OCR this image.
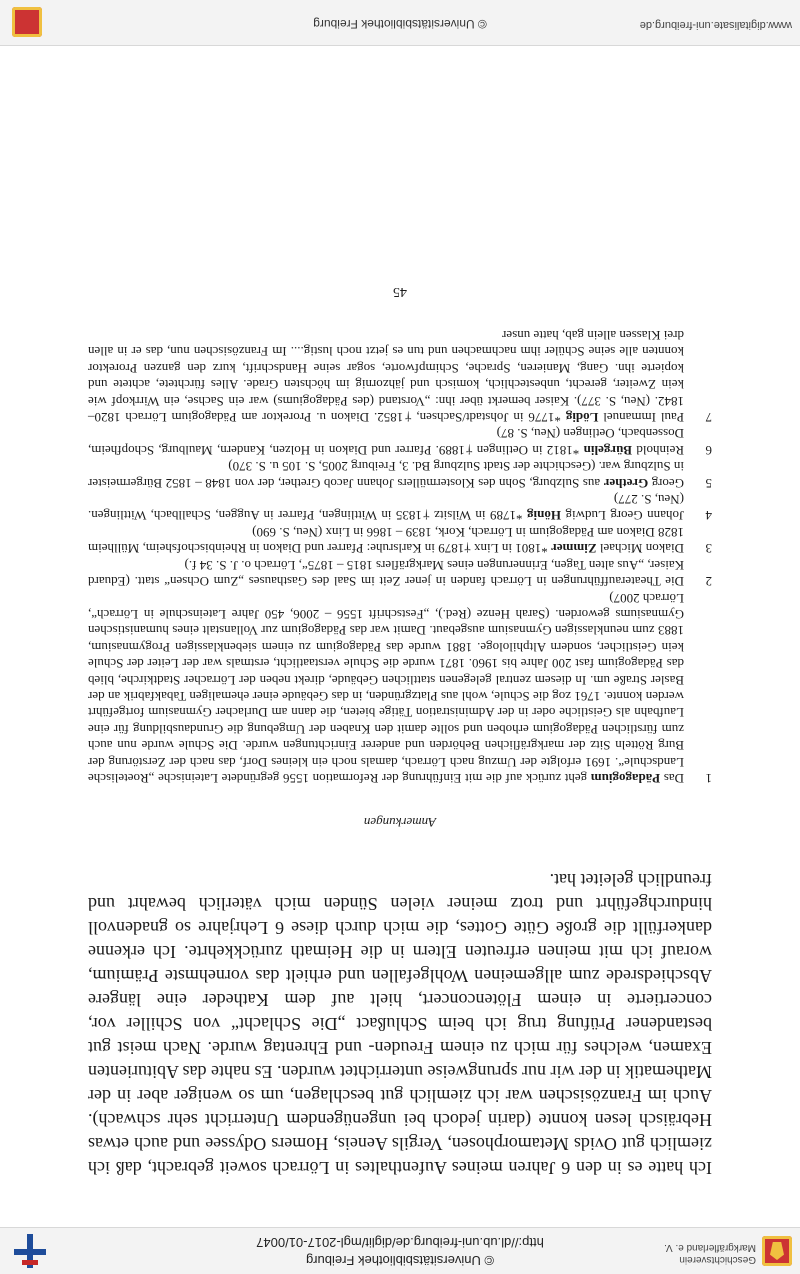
Geschichtsverein
Markgräflerland e. V.
© Universitätsbibliothek Freiburg
http://dl.ub.uni-freiburg.de/diglit/mgl-2017-01/0047

Ich hatte es in den 6 Jahren meines Aufenthaltes in Lörrach soweit gebracht, daß ich ziemlich gut Ovids Metamorphosen, Vergils Aeneis, Homers Odyssee und auch etwas Hebräisch lesen konnte (darin jedoch bei ungenügendem Unterricht sehr schwach). Auch im Französischen war ich ziemlich gut beschlagen, um so weniger aber in der Mathematik in der wir nur sprungweise unterrichtet wurden. Es nahte das Abiturienten Examen, welches für mich zu einem Freuden- und Ehrentag wurde. Nach meist gut bestandener Prüfung trug ich beim Schlußact „Die Schlacht“ von Schiller vor, concertierte in einem Flötenconcert, hielt auf dem Katheder eine längere Abschiedsrede zum allgemeinen Wohlgefallen und erhielt das vornehmste Prämium, worauf ich mit meinen erfreuten Eltern in die Heimath zurückkehrte. Ich erkenne dankerfüllt die große Güte Gottes, die mich durch diese 6 Lehrjahre so gnadenvoll hindurchgeführt und trotz meiner vielen Sünden mich väterlich bewahrt und freundlich geleitet hat.

Anmerkungen
1
Das Pädagogium geht zurück auf die mit Einführung der Reformation 1556 gegründete Lateinische „Roetelische Landschule“. 1691 erfolgte der Umzug nach Lörrach, damals noch ein kleines Dorf, das nach der Zerstörung der Burg Rötteln Sitz der markgräflichen Behörden und anderer Einrichtungen wurde. Die Schule wurde nun auch zum fürstlichen Pädagogium erhoben und sollte damit den Knaben der Umgebung die Grundausbildung für eine Laufbahn als Geistliche oder in der Administration Tätige bieten, die dann am Durlacher Gymnasium fortgeführt werden konnte. 1761 zog die Schule, wohl aus Platzgründen, in das Gebäude einer ehemaligen Tabakfabrik an der Basler Straße um. In diesem zentral gelegenen stattlichen Gebäude, direkt neben der Lörracher Stadtkirche, blieb das Pädagogium fast 200 Jahre bis 1960. 1871 wurde die Schule verstaatlicht, erstmals war der Leiter der Schule kein Geistlicher, sondern Altphilologe. 1881 wurde das Pädagogium zu einem siebenklassigen Progymnasium, 1883 zum neunklassigen Gymnasium ausgebaut. Damit war das Pädagogium zur Vollanstalt eines humanistischen Gymnasiums geworden. (Sarah Henze (Red.), „Festschrift 1556 – 2006, 450 Jahre Lateinschule in Lörrach“, Lörrach 2007)
2
Die Theateraufführungen in Lörrach fanden in jener Zeit im Saal des Gasthauses „Zum Ochsen“ statt. (Eduard Kaiser, „Aus alten Tagen, Erinnerungen eines Markgräflers 1815 – 1875“, Lörrach o. J. S. 34 f.)
3
Diakon Michael Zimmer *1801 in Linx †1879 in Karlsruhe: Pfarrer und Diakon in Rheinbischofsheim, Müllheim 1828 Diakon am Pädagogium in Lörrach, Kork, 1839 – 1866 in Linx (Neu, S. 690)
4
Johann Georg Ludwig Hönig *1789 in Wilsitz †1835 in Wittlingen, Pfarrer in Auggen, Schallbach, Wittlingen. (Neu, S. 277)
5
Georg Grether aus Sulzburg, Sohn des Klostermüllers Johann Jacob Grether, der von 1848 – 1852 Bürgermeister in Sulzburg war. (Geschichte der Stadt Sulzburg Bd. 3, Freiburg 2005, S. 105 u. S. 370)
6
Reinhold Bürgelin *1812 in Oetlingen †1889. Pfarrer und Diakon in Holzen, Kandern, Maulburg, Schopfheim, Dossenbach, Oetlingen (Neu, S. 87)
7
Paul Immanuel Lödig *1776 in Johstadt/Sachsen, †1852. Diakon u. Prorektor am Pädagogium Lörrach 1820–1842. (Neu, S. 377). Kaiser bemerkt über ihn: „Vorstand (des Pädagogiums) war ein Sachse, ein Wirrkopf wie kein Zweiter, gerecht, unbestechlich, komisch und jähzornig im höchsten Grade. Alles fürchtete, achtete und kopierte ihn. Gang, Manieren, Sprache, Schimpfworte, sogar seine Handschrift, kurz den ganzen Prorektor konnten alle seine Schüler ihm nachmachen und tun es jetzt noch lustig.... Im Französischen nun, das er in allen drei Klassen allein gab, hatte unser
45
www.digitalisate.uni-freiburg.de
© Universitätsbibliothek Freiburg
